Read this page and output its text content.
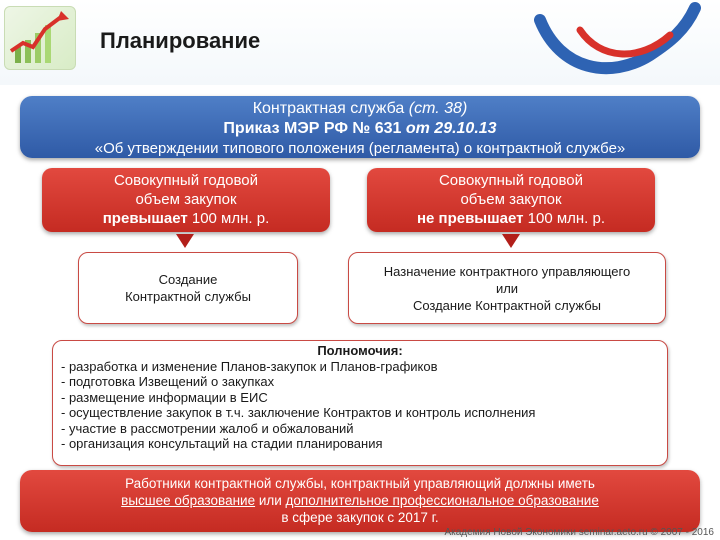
Планирование
Контрактная служба (ст. 38)
Приказ МЭР РФ № 631 от 29.10.13
«Об утверждении типового положения (регламента) о контрактной службе»
Совокупный годовой
объем закупок
превышает 100 млн. р.
Совокупный годовой
объем закупок
не превышает 100 млн. р.
Создание
Контрактной службы
Назначение контрактного управляющего
или
Создание Контрактной службы
Полномочия:
- разработка и изменение Планов-закупок и Планов-графиков
- подготовка Извещений о закупках
- размещение информации в ЕИС
- осуществление закупок в т.ч. заключение Контрактов и контроль исполнения
- участие в рассмотрении жалоб и обжалований
- организация консультаций на стадии планирования
Работники контрактной службы, контрактный управляющий должны иметь
высшее образование или дополнительное профессиональное образование
в сфере закупок с 2017 г.
Академия Новой Экономики seminar.aeto.ru © 2007 - 2016
